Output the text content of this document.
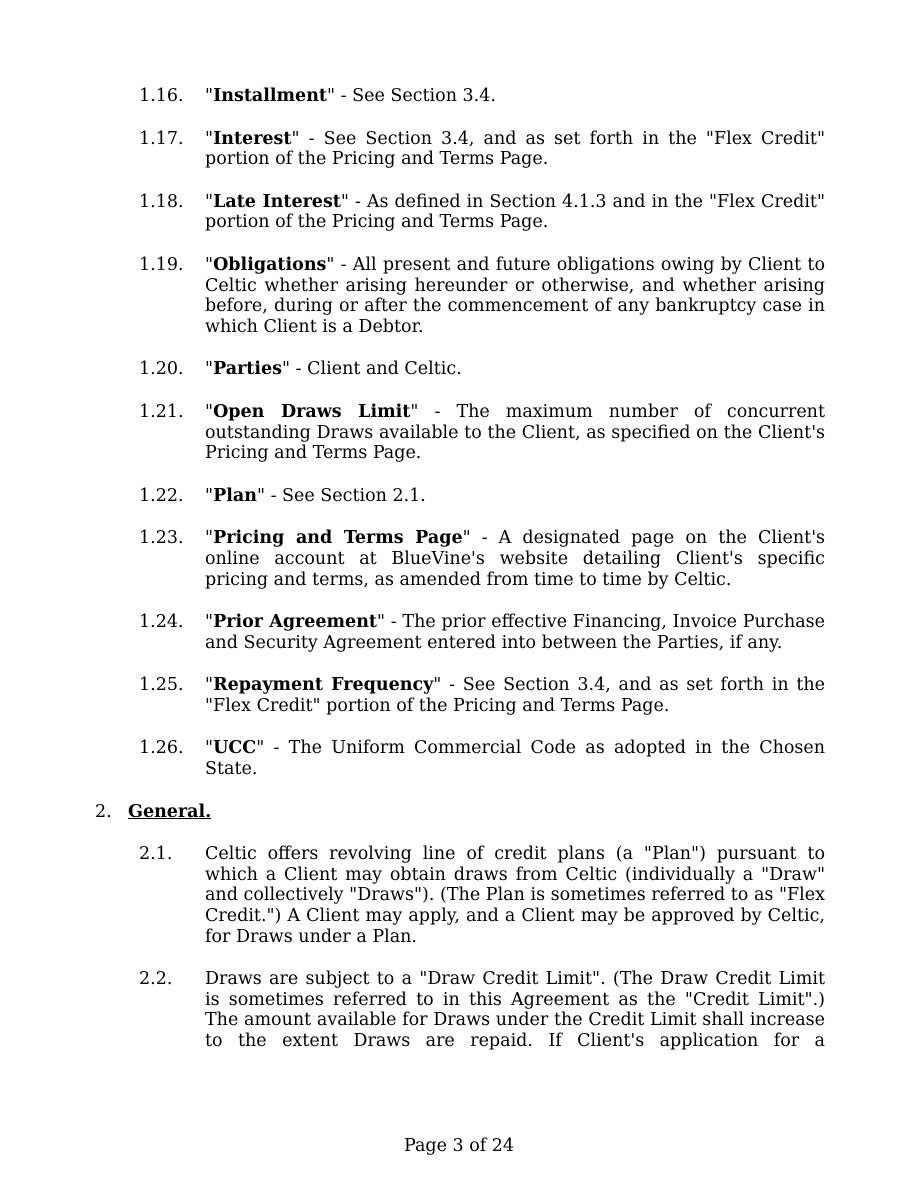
1.16. "Installment" - See Section 3.4.
1.17. "Interest" - See Section 3.4, and as set forth in the "Flex Credit" portion of the Pricing and Terms Page.
1.18. "Late Interest" - As defined in Section 4.1.3 and in the "Flex Credit" portion of the Pricing and Terms Page.
1.19. "Obligations" - All present and future obligations owing by Client to Celtic whether arising hereunder or otherwise, and whether arising before, during or after the commencement of any bankruptcy case in which Client is a Debtor.
1.20. "Parties" - Client and Celtic.
1.21. "Open Draws Limit" - The maximum number of concurrent outstanding Draws available to the Client, as specified on the Client's Pricing and Terms Page.
1.22. "Plan" - See Section 2.1.
1.23. "Pricing and Terms Page" - A designated page on the Client's online account at BlueVine's website detailing Client's specific pricing and terms, as amended from time to time by Celtic.
1.24. "Prior Agreement" - The prior effective Financing, Invoice Purchase and Security Agreement entered into between the Parties, if any.
1.25. "Repayment Frequency" - See Section 3.4, and as set forth in the "Flex Credit" portion of the Pricing and Terms Page.
1.26. "UCC" - The Uniform Commercial Code as adopted in the Chosen State.
2. General.
2.1. Celtic offers revolving line of credit plans (a "Plan") pursuant to which a Client may obtain draws from Celtic (individually a "Draw" and collectively "Draws"). (The Plan is sometimes referred to as "Flex Credit.") A Client may apply, and a Client may be approved by Celtic, for Draws under a Plan.
2.2. Draws are subject to a "Draw Credit Limit". (The Draw Credit Limit is sometimes referred to in this Agreement as the "Credit Limit".) The amount available for Draws under the Credit Limit shall increase to the extent Draws are repaid. If Client's application for a
Page 3 of 24
